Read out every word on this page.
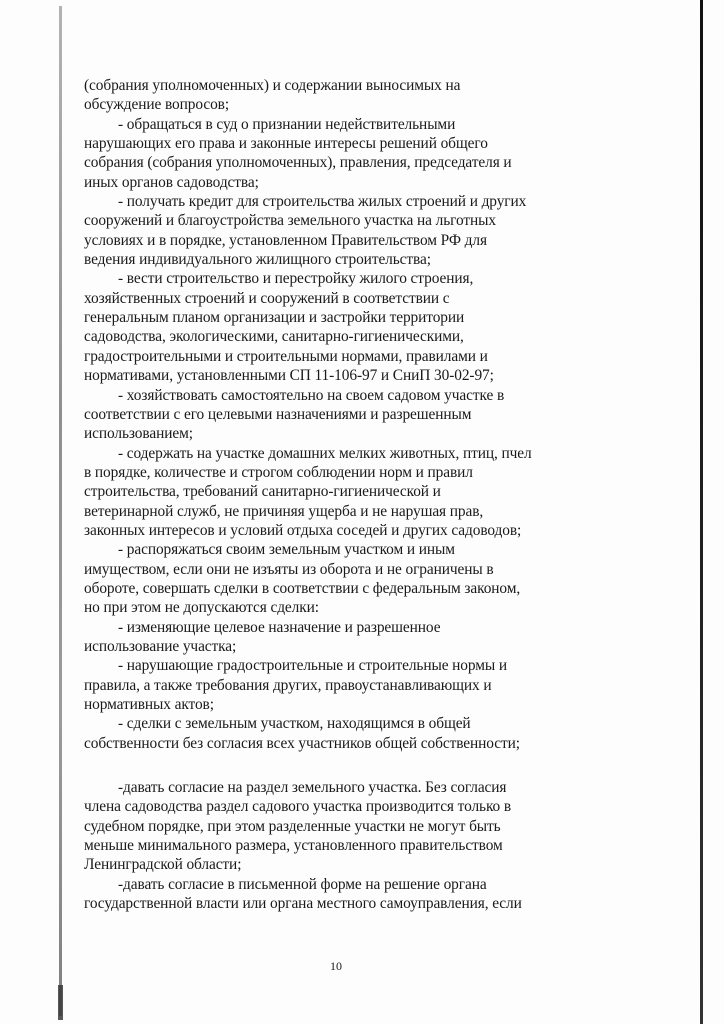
(собрания уполномоченных) и содержании выносимых на
обсуждение вопросов;
- обращаться в суд о признании недействительными
нарушающих его права и законные интересы решений общего
собрания (собрания уполномоченных), правления, председателя и
иных органов садоводства;
- получать кредит для строительства жилых строений и других
сооружений и благоустройства земельного участка на льготных
условиях и в порядке, установленном Правительством РФ для
ведения индивидуального жилищного строительства;
- вести строительство и перестройку жилого строения,
хозяйственных строений и сооружений в соответствии с
генеральным планом организации и застройки территории
садоводства, экологическими, санитарно-гигиеническими,
градостроительными и строительными нормами, правилами и
нормативами, установленными СП 11-106-97 и СниП 30-02-97;
- хозяйствовать самостоятельно на своем садовом участке в
соответствии с его целевыми назначениями и разрешенным
использованием;
- содержать на участке домашних мелких животных, птиц, пчел
в порядке, количестве и строгом соблюдении норм и правил
строительства, требований санитарно-гигиенической и
ветеринарной служб, не причиняя ущерба и не нарушая прав,
законных интересов и условий отдыха соседей и других садоводов;
- распоряжаться своим земельным участком и иным
имуществом, если они не изъяты из оборота и не ограничены в
обороте, совершать сделки в соответствии с федеральным законом,
но при этом не допускаются сделки:
- изменяющие целевое назначение и разрешенное
использование участка;
- нарушающие градостроительные и строительные нормы и
правила, а также требования других, правоустанавливающих и
нормативных актов;
- сделки с земельным участком, находящимся в общей
собственности без согласия всех участников общей собственности;
-давать согласие на раздел земельного участка. Без согласия
члена садоводства раздел садового участка производится только в
судебном порядке, при этом разделенные участки не могут быть
меньше минимального размера, установленного правительством
Ленинградской области;
-давать согласие в письменной форме на решение органа
государственной власти или органа местного самоуправления, если
10
